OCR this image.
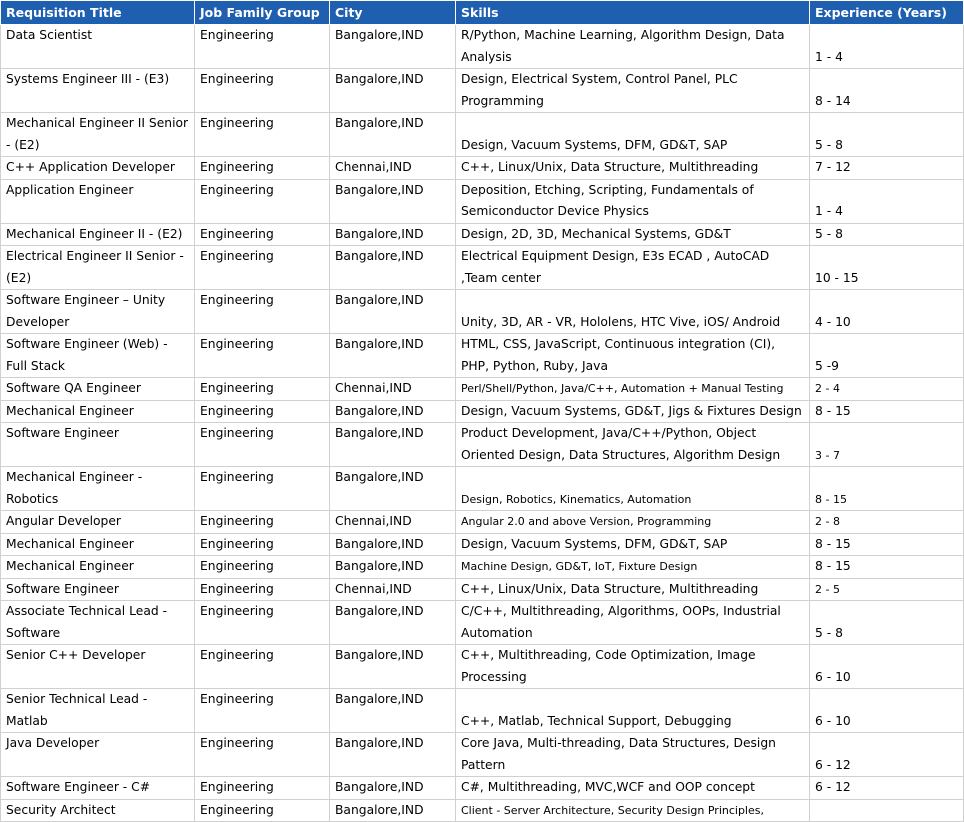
Requisition Title	Job Family Group	City	Skills	Experience (Years)
Data Scientist	Engineering	Bangalore,IND	R/Python, Machine Learning, Algorithm Design, Data Analysis	1 - 4
Systems Engineer III - (E3)	Engineering	Bangalore,IND	Design, Electrical System, Control Panel, PLC Programming	8 - 14
Mechanical Engineer II Senior - (E2)	Engineering	Bangalore,IND	Design, Vacuum Systems, DFM, GD&T, SAP	5 - 8
C++ Application Developer	Engineering	Chennai,IND	C++, Linux/Unix, Data Structure, Multithreading	7 - 12
Application Engineer	Engineering	Bangalore,IND	Deposition, Etching, Scripting, Fundamentals of Semiconductor Device Physics	1 - 4
Mechanical Engineer II - (E2)	Engineering	Bangalore,IND	Design, 2D, 3D, Mechanical Systems, GD&T	5 - 8
Electrical Engineer II Senior - (E2)	Engineering	Bangalore,IND	Electrical Equipment Design, E3s ECAD , AutoCAD ,Team center	10 - 15
Software Engineer – Unity Developer	Engineering	Bangalore,IND	Unity, 3D, AR - VR, Hololens, HTC Vive, iOS/ Android	4 - 10
Software Engineer (Web) - Full Stack	Engineering	Bangalore,IND	HTML, CSS, JavaScript, Continuous integration (CI), PHP, Python, Ruby, Java	5 -9
Software QA Engineer	Engineering	Chennai,IND	Perl/Shell/Python, Java/C++, Automation + Manual Testing	2 - 4
Mechanical Engineer	Engineering	Bangalore,IND	Design, Vacuum Systems, GD&T, Jigs & Fixtures Design	8 - 15
Software Engineer	Engineering	Bangalore,IND	Product Development, Java/C++/Python, Object Oriented Design, Data Structures, Algorithm Design	3 - 7
Mechanical Engineer - Robotics	Engineering	Bangalore,IND	Design, Robotics, Kinematics, Automation	8 - 15
Angular Developer	Engineering	Chennai,IND	Angular 2.0 and above Version, Programming	2 - 8
Mechanical Engineer	Engineering	Bangalore,IND	Design, Vacuum Systems, DFM, GD&T, SAP	8 - 15
Mechanical Engineer	Engineering	Bangalore,IND	Machine Design, GD&T, IoT, Fixture Design	8 - 15
Software Engineer	Engineering	Chennai,IND	C++, Linux/Unix, Data Structure, Multithreading	2 - 5
Associate Technical Lead - Software	Engineering	Bangalore,IND	C/C++, Multithreading, Algorithms, OOPs, Industrial Automation	5 - 8
Senior C++ Developer	Engineering	Bangalore,IND	C++, Multithreading, Code Optimization, Image Processing	6 - 10
Senior Technical Lead - Matlab	Engineering	Bangalore,IND	C++, Matlab, Technical Support, Debugging	6 - 10
Java Developer	Engineering	Bangalore,IND	Core Java, Multi-threading, Data Structures, Design Pattern	6 - 12
Software Engineer - C#	Engineering	Bangalore,IND	C#, Multithreading, MVC,WCF and OOP concept	6 - 12
Security Architect	Engineering	Bangalore,IND	Client - Server Architecture, Security Design Principles,	
